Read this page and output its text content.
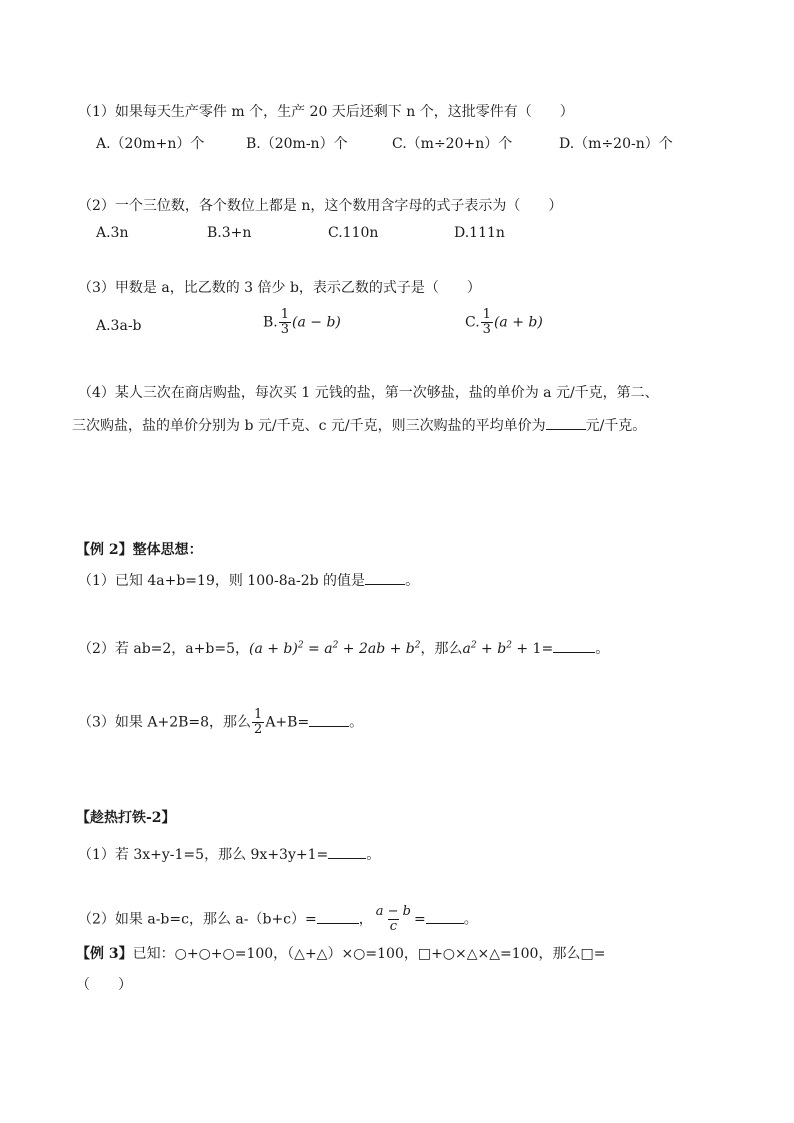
（1）如果每天生产零件 m 个，生产 20 天后还剩下 n 个，这批零件有（　　）
A.（20m+n）个	B.（20m-n）个	C.（m÷20+n）个	D.（m÷20-n）个
（2）一个三位数，各个数位上都是 n，这个数用含字母的式子表示为（　　）
A.3n	B.3+n	C.110n	D.111n
（3）甲数是 a，比乙数的 3 倍少 b，表示乙数的式子是（　　）
A.3a-b	B. $\frac{1}{3} (a - b)$	C. $\frac{1}{3} (a + b)$
（4）某人三次在商店购盐，每次买 1 元钱的盐，第一次够盐，盐的单价为 a 元/千克，第二、
三次购盐，盐的单价分别为 b 元/千克、c 元/千克，则三次购盐的平均单价为	元/千克。
【例 2】整体思想：
（1）已知 4a+b=19，则 100-8a-2b 的值是	。
（2）若 ab=2，a+b=5，$(a + b)^2 = a^2 + 2ab + b^2$，那么$a^2 + b^2 + 1=$	。
（3）如果 A+2B=8，那么 $\frac{1}{2} A+B=$	。
【趁热打铁-2】
（1）若 3x+y-1=5，那么 9x+3y+1=	。
（2）如果 a-b=c，那么 a-（b+c）=	， $\frac{a - b}{c}$ =	。
【例 3】已知：○+○+○=100，（△+△）×○=100，□+○×△×△=100，那么□=
（　　）
